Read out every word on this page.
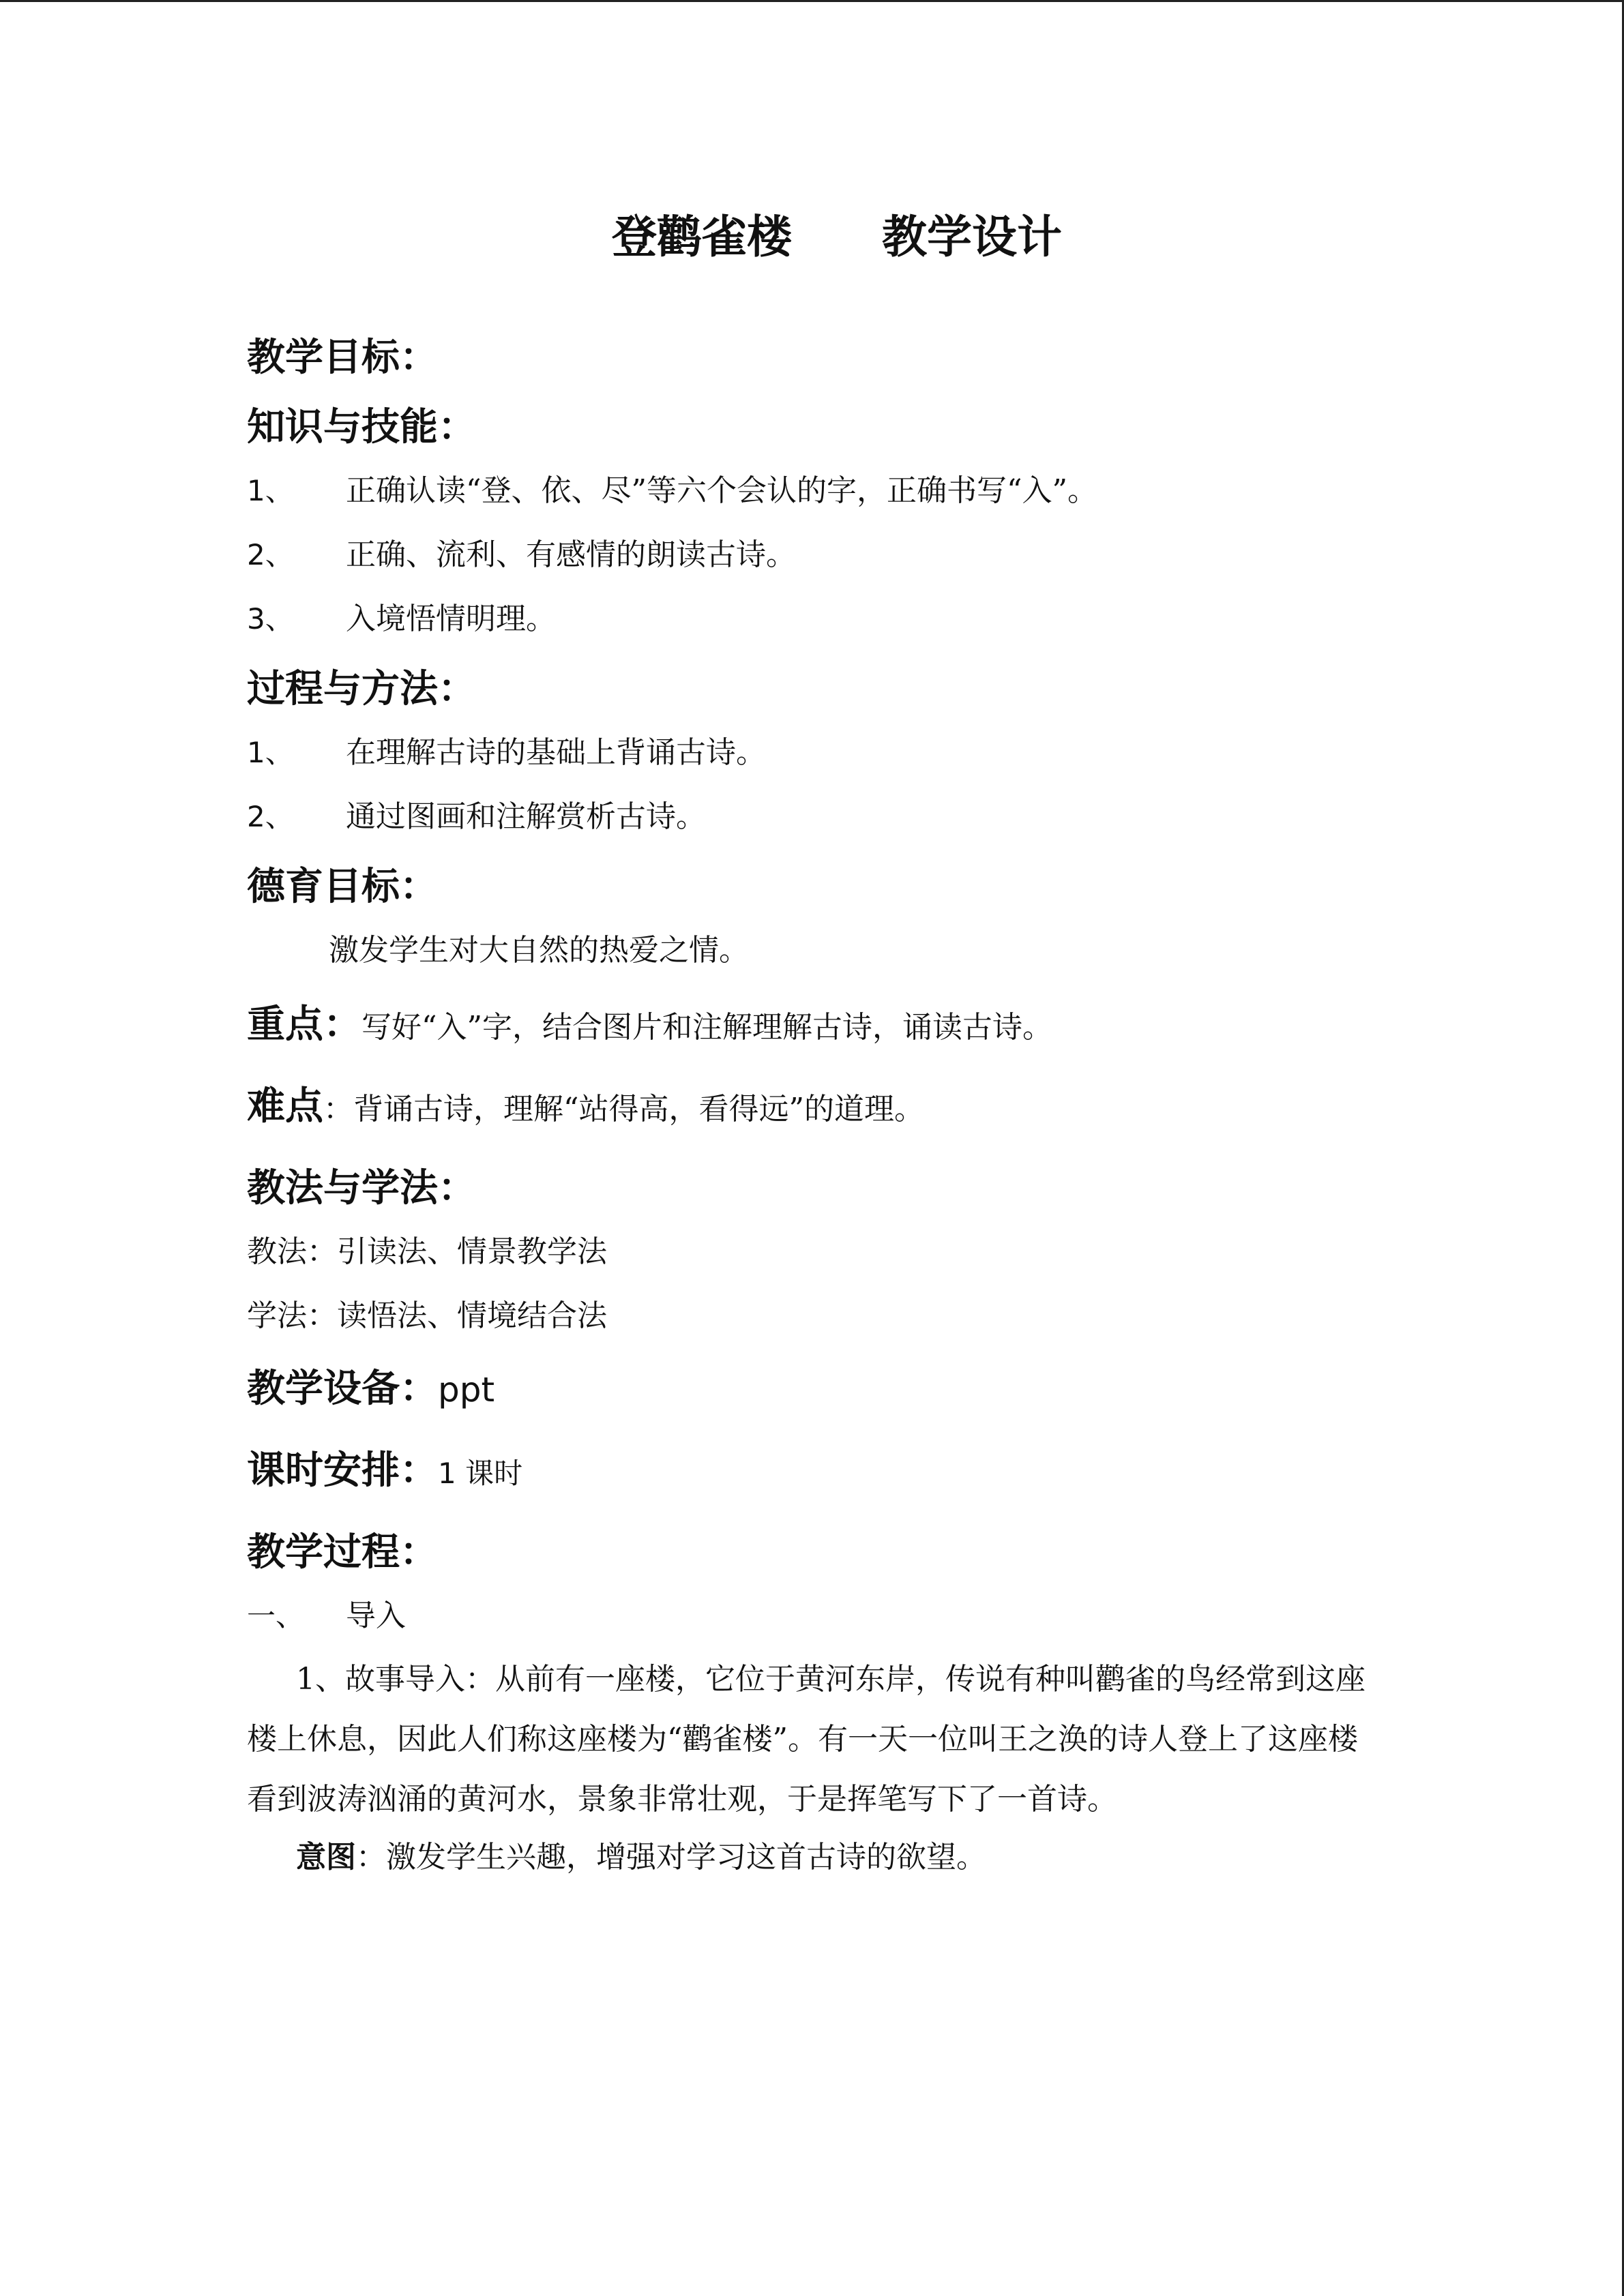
登鹳雀楼　　教学设计
教学目标：
知识与技能：
1、	正确认读“登、依、尽”等六个会认的字，正确书写“入”。
2、	正确、流利、有感情的朗读古诗。
3、	入境悟情明理。
过程与方法：
1、	在理解古诗的基础上背诵古诗。
2、	通过图画和注解赏析古诗。
德育目标：
激发学生对大自然的热爱之情。
重点：写好“入”字，结合图片和注解理解古诗，诵读古诗。
难点：背诵古诗，理解“站得高，看得远”的道理。
教法与学法：
教法：引读法、情景教学法
学法：读悟法、情境结合法
教学设备：ppt
课时安排：1 课时
教学过程：
一、	导入
1、故事导入：从前有一座楼，它位于黄河东岸，传说有种叫鹳雀的鸟经常到这座楼上休息，因此人们称这座楼为“鹳雀楼”。有一天一位叫王之涣的诗人登上了这座楼看到波涛汹涌的黄河水，景象非常壮观，于是挥笔写下了一首诗。
意图：激发学生兴趣，增强对学习这首古诗的欲望。
